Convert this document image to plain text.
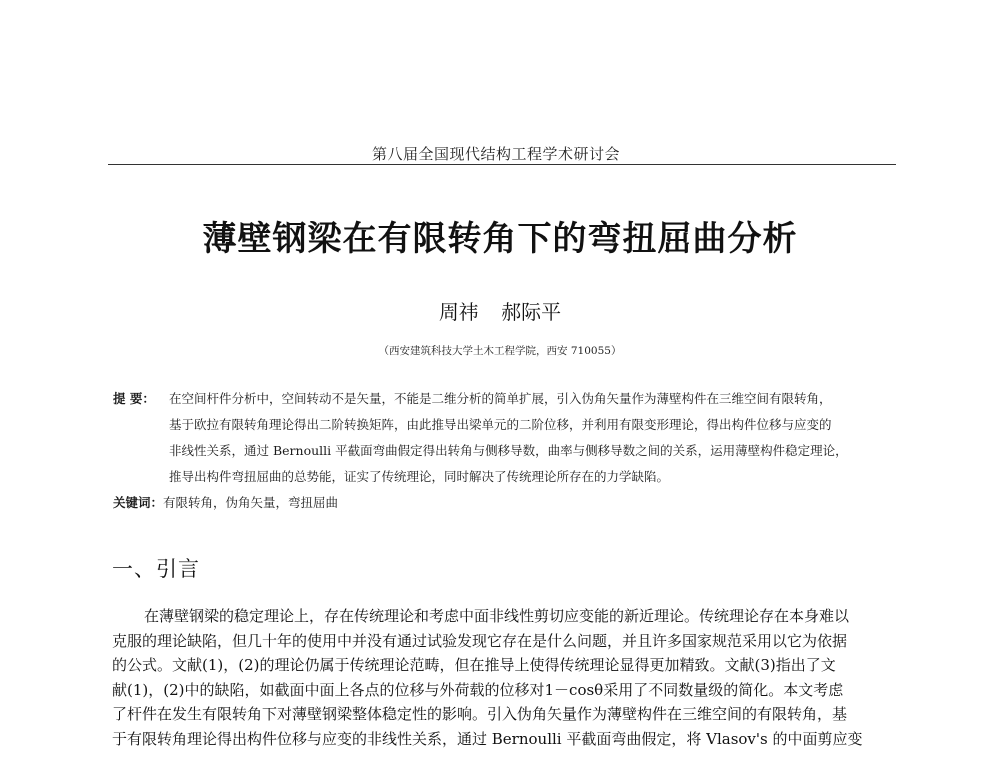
第八届全国现代结构工程学术研讨会
薄壁钢梁在有限转角下的弯扭屈曲分析
周祎 郝际平
（西安建筑科技大学土木工程学院，西安 710055）
提 要： 在空间杆件分析中，空间转动不是矢量，不能是二维分析的简单扩展，引入伪角矢量作为薄壁构件在三维空间有限转角，
基于欧拉有限转角理论得出二阶转换矩阵，由此推导出梁单元的二阶位移，并利用有限变形理论，得出构件位移与应变的
非线性关系，通过 Bernoulli 平截面弯曲假定得出转角与侧移导数，曲率与侧移导数之间的关系，运用薄壁构件稳定理论，
推导出构件弯扭屈曲的总势能，证实了传统理论，同时解决了传统理论所存在的力学缺陷。
关键词：有限转角，伪角矢量，弯扭屈曲
一、引言
在薄壁钢梁的稳定理论上，存在传统理论和考虑中面非线性剪切应变能的新近理论。传统理论存在本身难以
克服的理论缺陷，但几十年的使用中并没有通过试验发现它存在是什么问题，并且许多国家规范采用以它为依据
的公式。文献(1)，(2)的理论仍属于传统理论范畴，但在推导上使得传统理论显得更加精致。文献(3)指出了文
献(1)，(2)中的缺陷，如截面中面上各点的位移与外荷载的位移对1－cosθ采用了不同数量级的简化。本文考虑
了杆件在发生有限转角下对薄壁钢梁整体稳定性的影响。引入伪角矢量作为薄壁构件在三维空间的有限转角，基
于有限转角理论得出构件位移与应变的非线性关系，通过 Bernoulli 平截面弯曲假定，将 Vlasov's 的中面剪应变
